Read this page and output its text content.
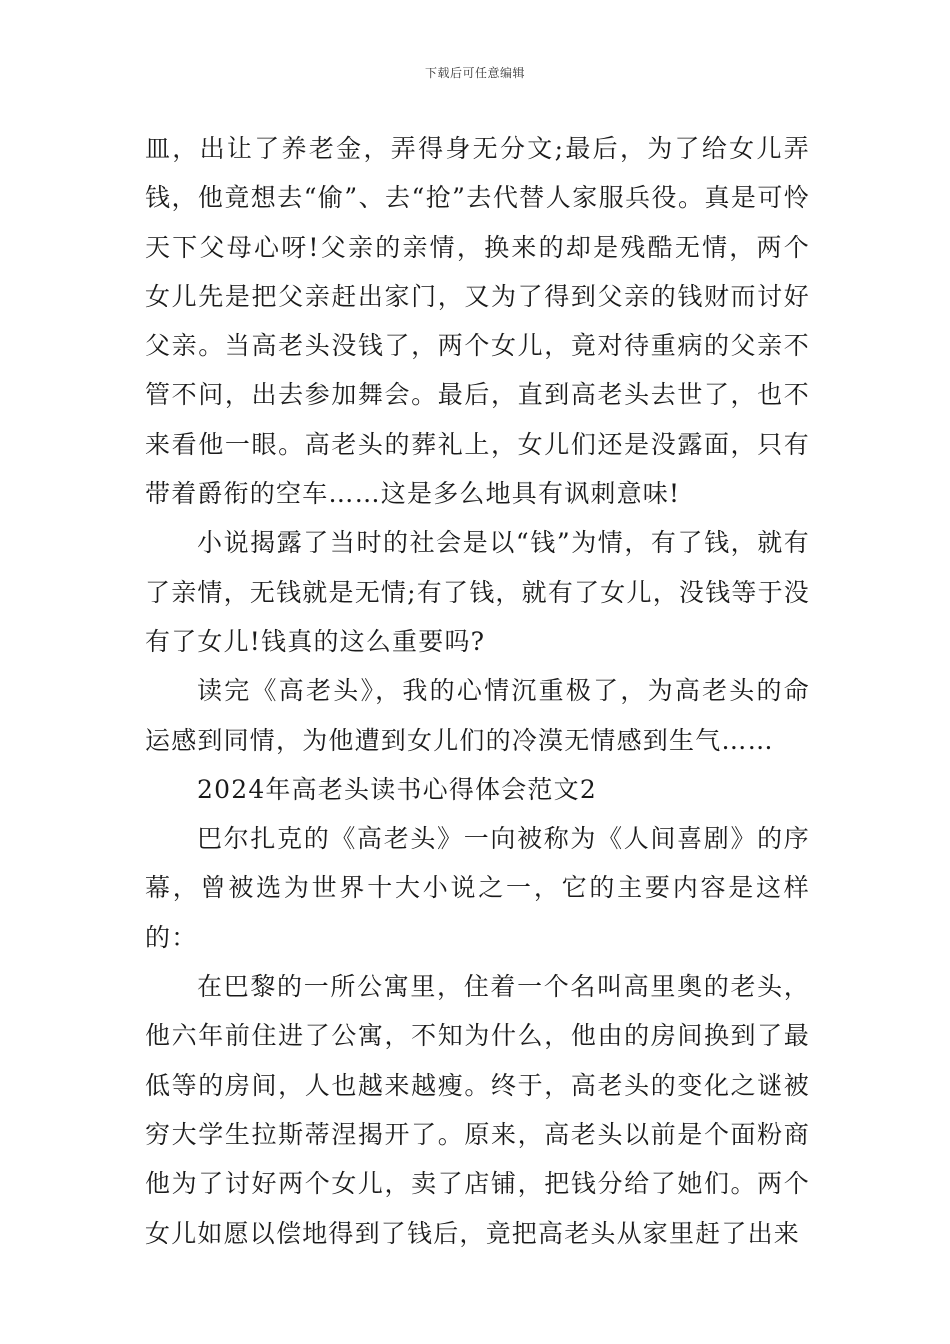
下载后可任意编辑

皿，出让了养老金，弄得身无分文;最后，为了给女儿弄钱，他竟想去“偷”、去“抢”去代替人家服兵役。真是可怜天下父母心呀!父亲的亲情，换来的却是残酷无情，两个女儿先是把父亲赶出家门，又为了得到父亲的钱财而讨好父亲。当高老头没钱了，两个女儿，竟对待重病的父亲不管不问，出去参加舞会。最后，直到高老头去世了，也不来看他一眼。高老头的葬礼上，女儿们还是没露面，只有带着爵衔的空车……这是多么地具有讽刺意味!

小说揭露了当时的社会是以“钱”为情，有了钱，就有了亲情，无钱就是无情;有了钱，就有了女儿，没钱等于没有了女儿!钱真的这么重要吗?

读完《高老头》，我的心情沉重极了，为高老头的命运感到同情，为他遭到女儿们的冷漠无情感到生气……

2024年高老头读书心得体会范文2

巴尔扎克的《高老头》一向被称为《人间喜剧》的序幕，曾被选为世界十大小说之一，它的主要内容是这样的：

在巴黎的一所公寓里，住着一个名叫高里奥的老头，他六年前住进了公寓，不知为什么，他由的房间换到了最低等的房间，人也越来越瘦。终于，高老头的变化之谜被穷大学生拉斯蒂涅揭开了。原来，高老头以前是个面粉商他为了讨好两个女儿，卖了店铺，把钱分给了她们。两个女儿如愿以偿地得到了钱后，竟把高老头从家里赶了出来
